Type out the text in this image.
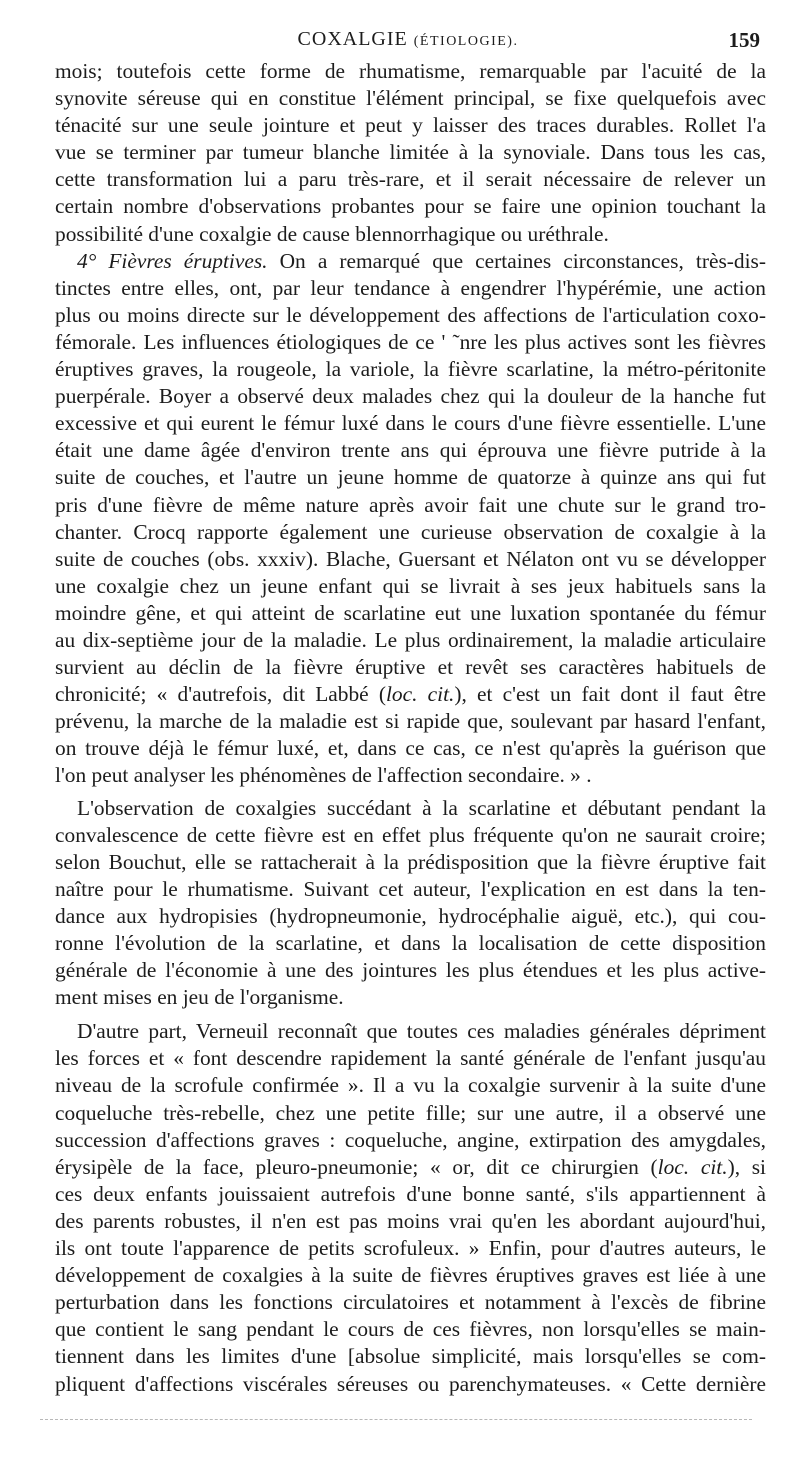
COXALGIE (ÉTIOLOGIE).	159
mois; toutefois cette forme de rhumatisme, remarquable par l'acuité de la
synovite séreuse qui en constitue l'élément principal, se fixe quelquefois avec
ténacité sur une seule jointure et peut y laisser des traces durables. Rollet l'a
vue se terminer par tumeur blanche limitée à la synoviale. Dans tous les cas,
cette transformation lui a paru très-rare, et il serait nécessaire de relever un
certain nombre d'observations probantes pour se faire une opinion touchant la
possibilité d'une coxalgie de cause blennorrhagique ou uréthrale.
4° Fièvres éruptives. On a remarqué que certaines circonstances, très-dis-
tinctes entre elles, ont, par leur tendance à engendrer l'hypérémie, une action
plus ou moins directe sur le développement des affections de l'articulation coxo-
fémorale. Les influences étiologiques de ce ' ˜nre les plus actives sont les fièvres
éruptives graves, la rougeole, la variole, la fièvre scarlatine, la métro-péritonite
puerpérale. Boyer a observé deux malades chez qui la douleur de la hanche fut
excessive et qui eurent le fémur luxé dans le cours d'une fièvre essentielle. L'une
était une dame âgée d'environ trente ans qui éprouva une fièvre putride à la
suite de couches, et l'autre un jeune homme de quatorze à quinze ans qui fut
pris d'une fièvre de même nature après avoir fait une chute sur le grand tro-
chanter. Crocq rapporte également une curieuse observation de coxalgie à la
suite de couches (obs. xxxiv). Blache, Guersant et Nélaton ont vu se développer
une coxalgie chez un jeune enfant qui se livrait à ses jeux habituels sans la
moindre gêne, et qui atteint de scarlatine eut une luxation spontanée du fémur
au dix-septième jour de la maladie. Le plus ordinairement, la maladie articulaire
survient au déclin de la fièvre éruptive et revêt ses caractères habituels de
chronicité; « d'autrefois, dit Labbé (loc. cit.), et c'est un fait dont il faut être
prévenu, la marche de la maladie est si rapide que, soulevant par hasard l'enfant,
on trouve déjà le fémur luxé, et, dans ce cas, ce n'est qu'après la guérison que
l'on peut analyser les phénomènes de l'affection secondaire. » .
L'observation de coxalgies succédant à la scarlatine et débutant pendant la
convalescence de cette fièvre est en effet plus fréquente qu'on ne saurait croire;
selon Bouchut, elle se rattacherait à la prédisposition que la fièvre éruptive fait
naître pour le rhumatisme. Suivant cet auteur, l'explication en est dans la ten-
dance aux hydropisies (hydropneumonie, hydrocéphalie aiguë, etc.), qui cou-
ronne l'évolution de la scarlatine, et dans la localisation de cette disposition
générale de l'économie à une des jointures les plus étendues et les plus active-
ment mises en jeu de l'organisme.
D'autre part, Verneuil reconnaît que toutes ces maladies générales dépriment
les forces et « font descendre rapidement la santé générale de l'enfant jusqu'au
niveau de la scrofule confirmée ». Il a vu la coxalgie survenir à la suite d'une
coqueluche très-rebelle, chez une petite fille; sur une autre, il a observé une
succession d'affections graves : coqueluche, angine, extirpation des amygdales,
érysipèle de la face, pleuro-pneumonie; « or, dit ce chirurgien (loc. cit.), si
ces deux enfants jouissaient autrefois d'une bonne santé, s'ils appartiennent à
des parents robustes, il n'en est pas moins vrai qu'en les abordant aujourd'hui,
ils ont toute l'apparence de petits scrofuleux. » Enfin, pour d'autres auteurs, le
développement de coxalgies à la suite de fièvres éruptives graves est liée à une
perturbation dans les fonctions circulatoires et notamment à l'excès de fibrine
que contient le sang pendant le cours de ces fièvres, non lorsqu'elles se main-
tiennent dans les limites d'une [absolue simplicité, mais lorsqu'elles se com-
pliquent d'affections viscérales séreuses ou parenchymateuses. « Cette dernière
